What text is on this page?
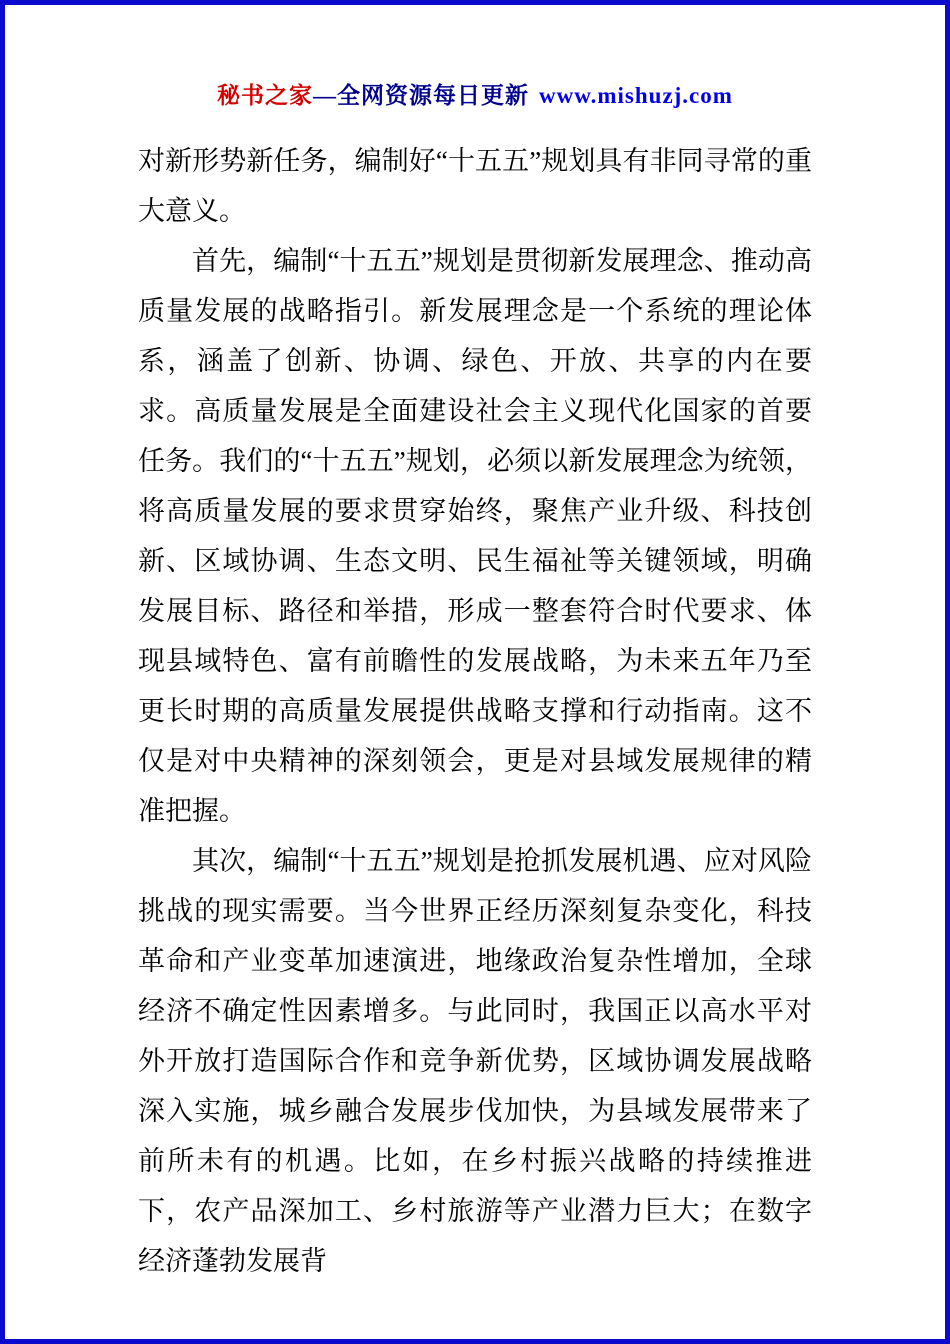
秘书之家—全网资源每日更新 www.mishuzj.com

对新形势新任务，编制好“十五五”规划具有非同寻常的重大意义。

首先，编制“十五五”规划是贯彻新发展理念、推动高质量发展的战略指引。新发展理念是一个系统的理论体系，涵盖了创新、协调、绿色、开放、共享的内在要求。高质量发展是全面建设社会主义现代化国家的首要任务。我们的“十五五”规划，必须以新发展理念为统领，将高质量发展的要求贯穿始终，聚焦产业升级、科技创新、区域协调、生态文明、民生福祉等关键领域，明确发展目标、路径和举措，形成一整套符合时代要求、体现县域特色、富有前瞻性的发展战略，为未来五年乃至更长时期的高质量发展提供战略支撑和行动指南。这不仅是对中央精神的深刻领会，更是对县域发展规律的精准把握。

其次，编制“十五五”规划是抢抓发展机遇、应对风险挑战的现实需要。当今世界正经历深刻复杂变化，科技革命和产业变革加速演进，地缘政治复杂性增加，全球经济不确定性因素增多。与此同时，我国正以高水平对外开放打造国际合作和竞争新优势，区域协调发展战略深入实施，城乡融合发展步伐加快，为县域发展带来了前所未有的机遇。比如，在乡村振兴战略的持续推进下，农产品深加工、乡村旅游等产业潜力巨大；在数字经济蓬勃发展背
